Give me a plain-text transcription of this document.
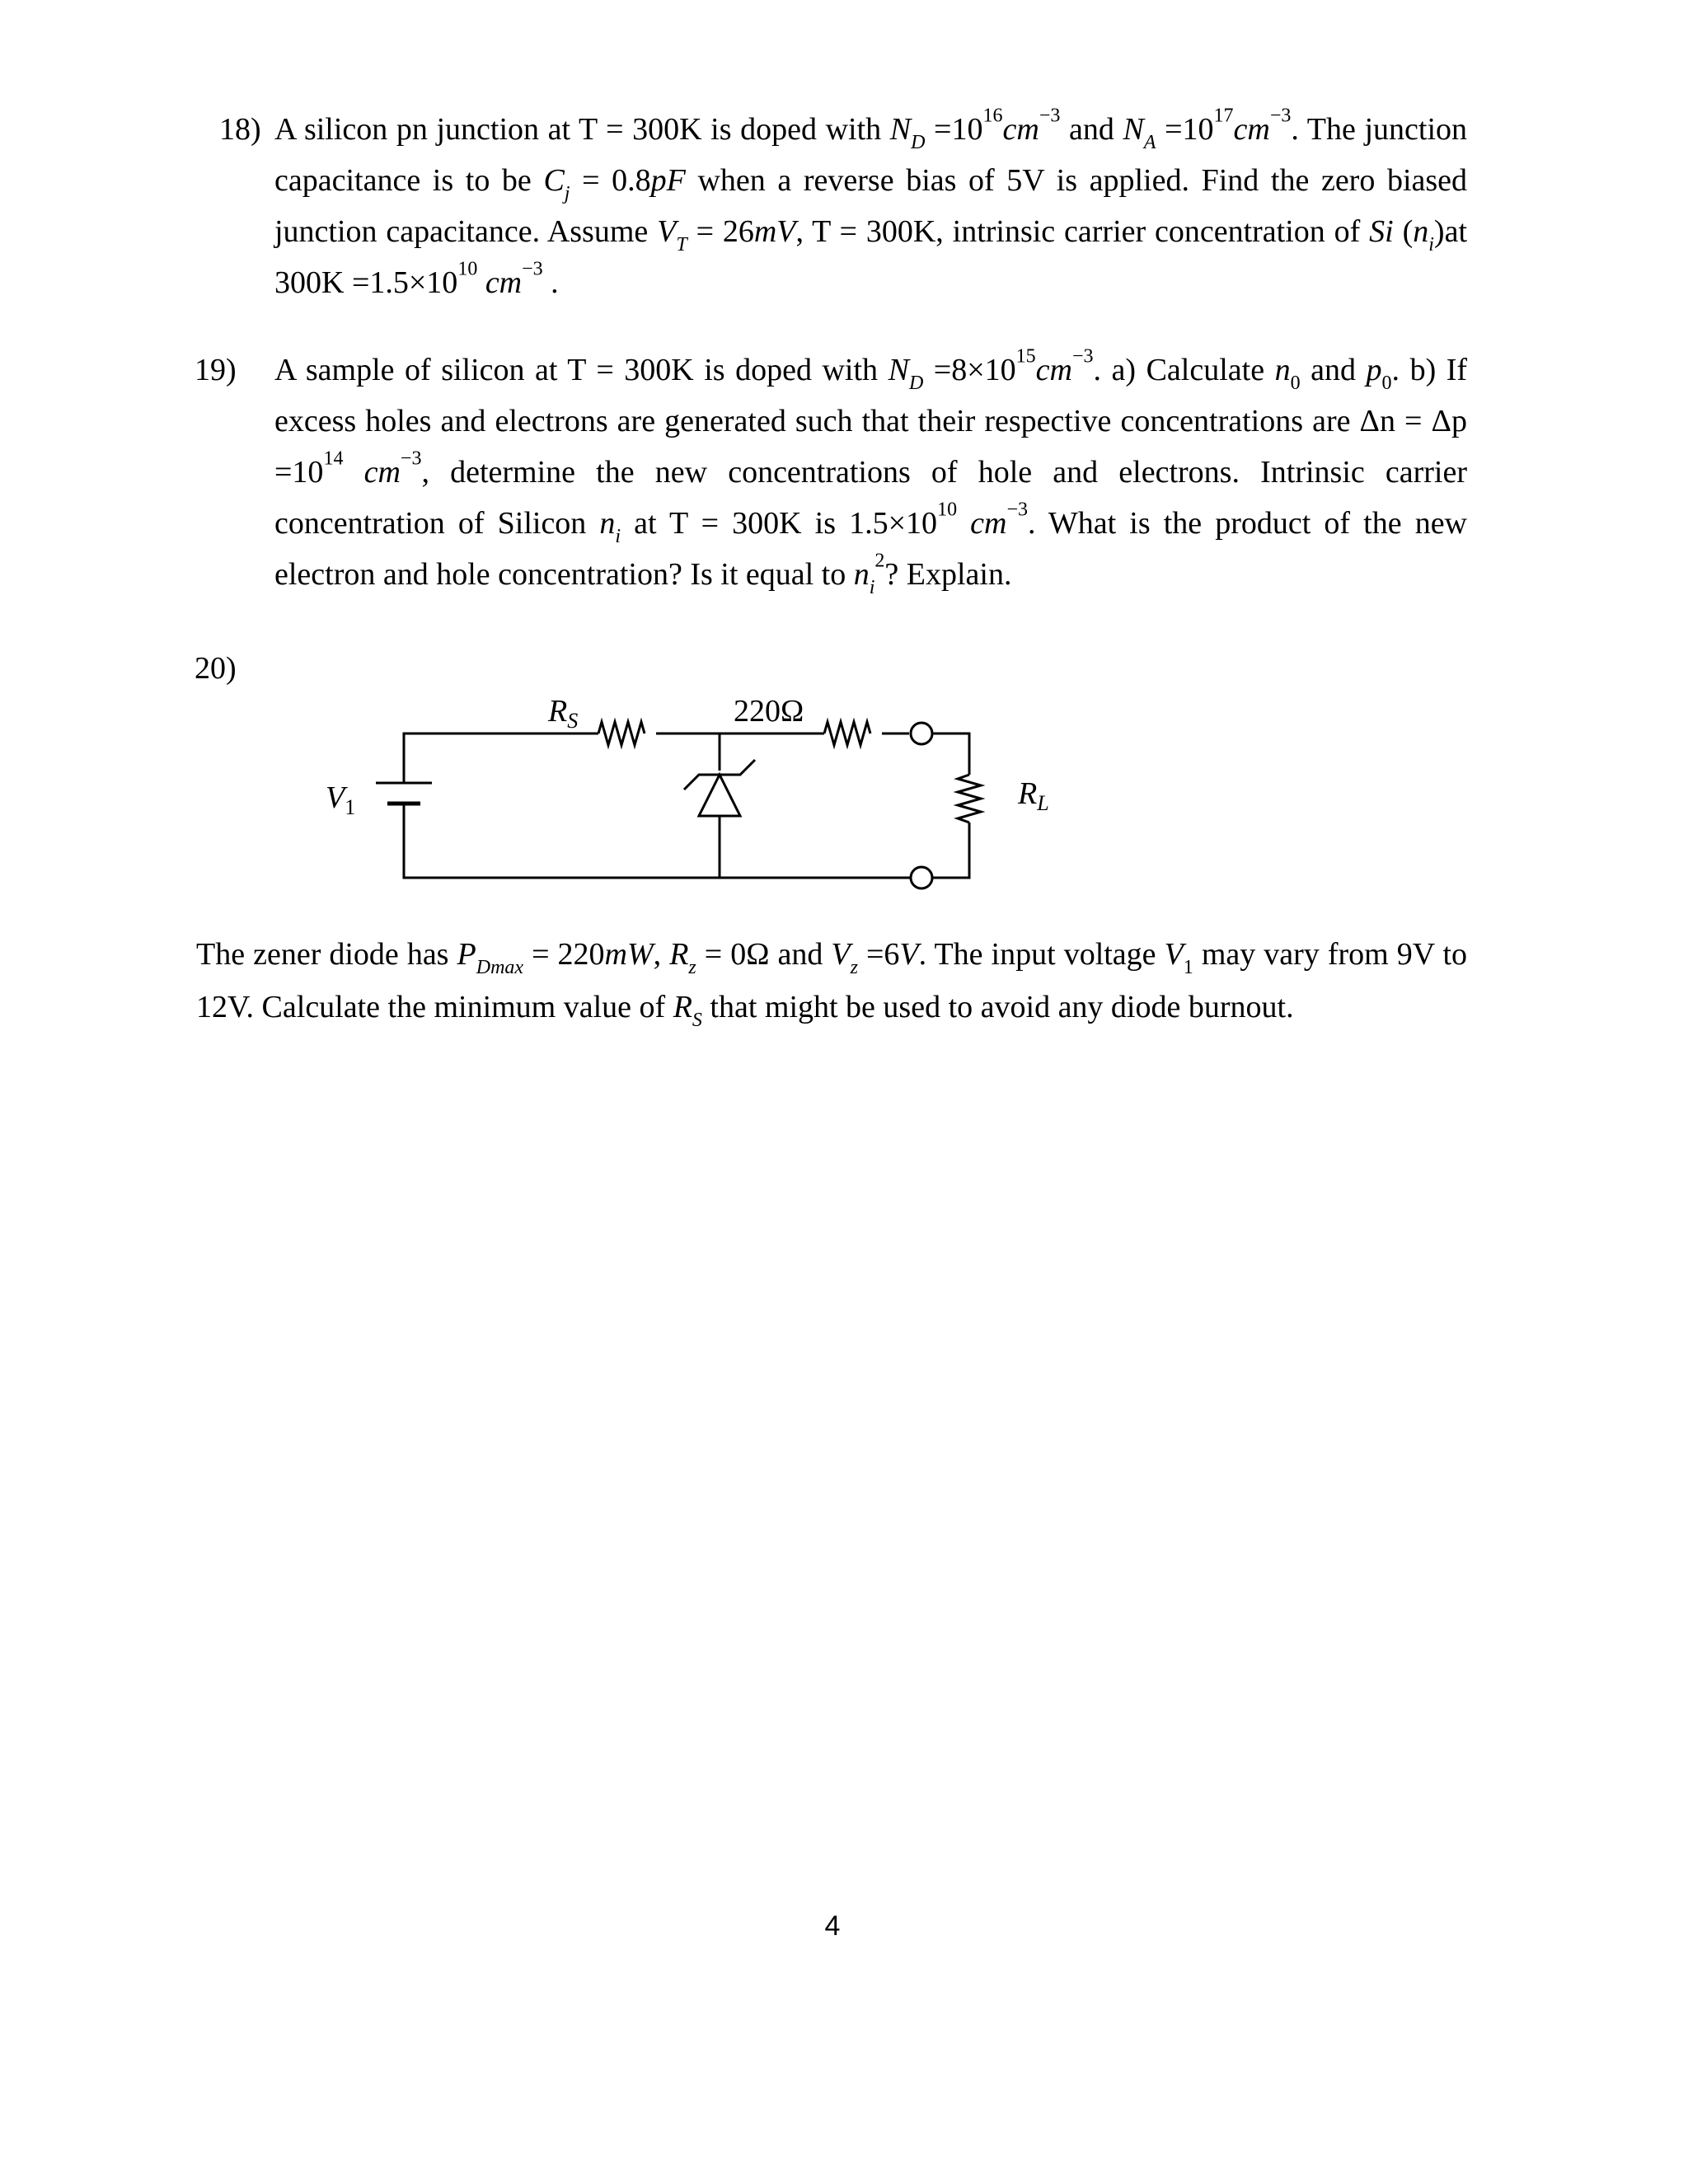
18) A silicon pn junction at T = 300K is doped with $N_D =10^{16}cm^{-3}$ and $N_A =10^{17}cm^{-3}$. The junction capacitance is to be $C_j = 0.8pF$ when a reverse bias of 5V is applied. Find the zero biased junction capacitance. Assume $V_T = 26mV$, T = 300K, intrinsic carrier concentration of Si $(n_i)at$ $300K =1.5\times 10^{10}$ $cm^{-3}$ .
19) A sample of silicon at T = 300K is doped with $N_D =8\times 10^{15}cm^{-3}$. a) Calculate $n_0$ and $p_0$. b) If excess holes and electrons are generated such that their respective concentrations are $\Delta n = \Delta p =10^{14}$ $cm^{-3}$, determine the new concentrations of hole and electrons. Intrinsic carrier concentration of Silicon $n_i$ at T = 300K is $1.5\times 10^{10}$ $cm^{-3}$. What is the product of the new electron and hole concentration? Is it equal to $n_i^2$? Explain.
20)
$R_S$	220Ω
$V_1$	$R_L$
The zener diode has $P_{Dmax} = 220mW$, $R_z = 0\Omega$ and $V_z =6V$. The input voltage $V_1$ may vary from 9V to 12V. Calculate the minimum value of $R_S$ that might be used to avoid any diode burnout.
4
